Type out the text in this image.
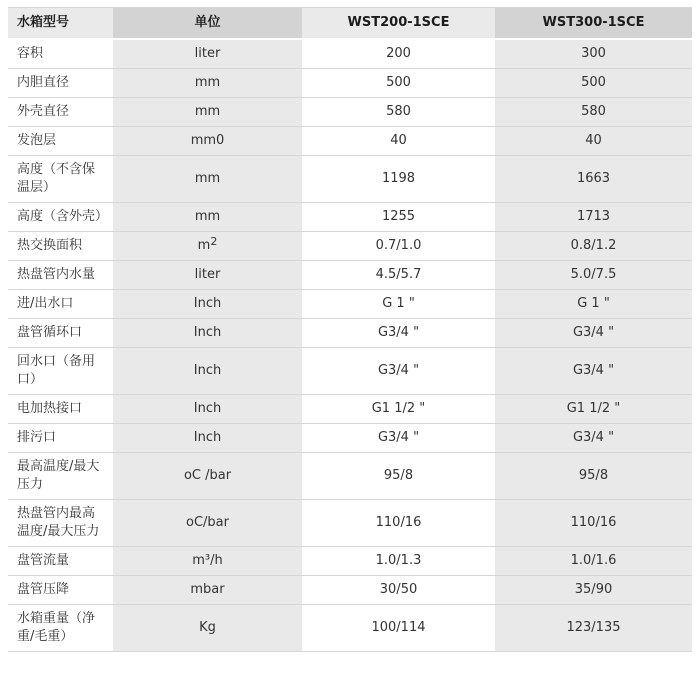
水箱型号	单位	WST200-1SCE	WST300-1SCE
容积	liter	200	300
内胆直径	mm	500	500
外壳直径	mm	580	580
发泡层	mm0	40	40
高度（不含保温层）	mm	1198	1663
高度（含外壳）	mm	1255	1713
热交换面积	$m^2$	0.7/1.0	0.8/1.2
热盘管内水量	liter	4.5/5.7	5.0/7.5
进/出水口	Inch	G 1 "	G 1 "
盘管循环口	Inch	G3/4 "	G3/4 "
回水口（备用口）	Inch	G3/4 "	G3/4 "
电加热接口	Inch	G1 1/2 "	G1 1/2 "
排污口	Inch	G3/4 "	G3/4 "
最高温度/最大压力	oC /bar	95/8	95/8
热盘管内最高温度/最大压力	oC/bar	110/16	110/16
盘管流量	m³/h	1.0/1.3	1.0/1.6
盘管压降	mbar	30/50	35/90
水箱重量（净重/毛重）	Kg	100/114	123/135
